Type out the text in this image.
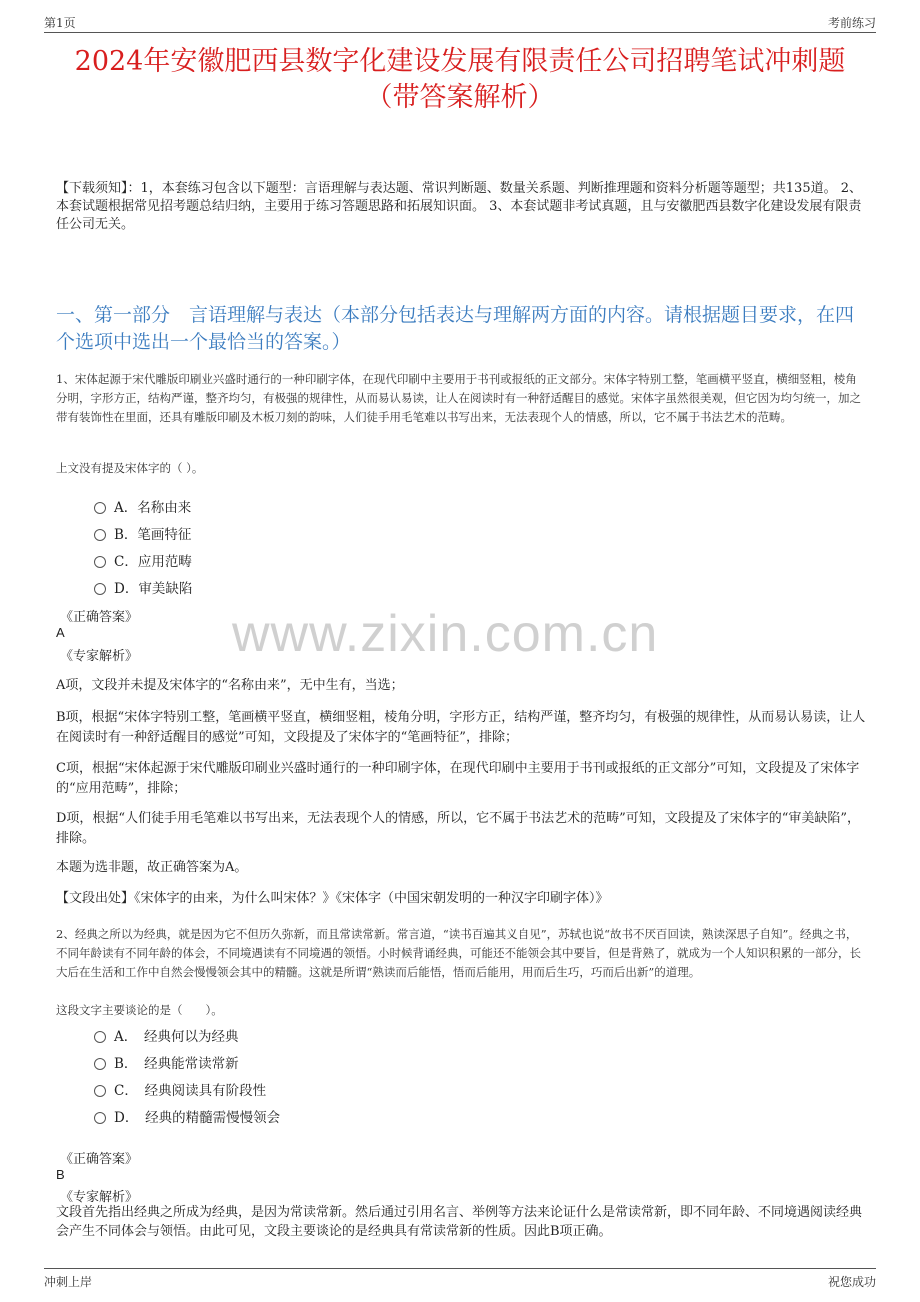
第1页	考前练习
2024年安徽肥西县数字化建设发展有限责任公司招聘笔试冲刺题（带答案解析）
【下载须知】：1，本套练习包含以下题型：言语理解与表达题、常识判断题、数量关系题、判断推理题和资料分析题等题型；共135道。 2、本套试题根据常见招考题总结归纳，主要用于练习答题思路和拓展知识面。 3、本套试题非考试真题，且与安徽肥西县数字化建设发展有限责任公司无关。
一、第一部分　言语理解与表达（本部分包括表达与理解两方面的内容。请根据题目要求，在四个选项中选出一个最恰当的答案。）
1、宋体起源于宋代雕版印刷业兴盛时通行的一种印刷字体，在现代印刷中主要用于书刊或报纸的正文部分。宋体字特别工整，笔画横平竖直，横细竖粗，棱角分明，字形方正，结构严谨，整齐均匀，有极强的规律性，从而易认易读，让人在阅读时有一种舒适醒目的感觉。宋体字虽然很美观，但它因为均匀统一，加之带有装饰性在里面，还具有雕版印刷及木板刀刻的韵味，人们徒手用毛笔难以书写出来，无法表现个人的情感，所以，它不属于书法艺术的范畴。
上文没有提及宋体字的（ ）。
A．名称由来
B．笔画特征
C．应用范畴
D．审美缺陷
《正确答案》
A
《专家解析》 www.zixin.com.cn
A项，文段并未提及宋体字的“名称由来”，无中生有，当选；
B项，根据“宋体字特别工整，笔画横平竖直，横细竖粗，棱角分明，字形方正，结构严谨，整齐均匀，有极强的规律性，从而易认易读，让人在阅读时有一种舒适醒目的感觉”可知，文段提及了宋体字的“笔画特征”，排除；
C项，根据“宋体起源于宋代雕版印刷业兴盛时通行的一种印刷字体，在现代印刷中主要用于书刊或报纸的正文部分”可知，文段提及了宋体字的“应用范畴”，排除；
D项，根据“人们徒手用毛笔难以书写出来，无法表现个人的情感，所以，它不属于书法艺术的范畴”可知，文段提及了宋体字的“审美缺陷”，排除。
本题为选非题，故正确答案为A。
【文段出处】《宋体字的由来，为什么叫宋体？》《宋体字（中国宋朝发明的一种汉字印刷字体）》
2、经典之所以为经典，就是因为它不但历久弥新，而且常读常新。常言道，“读书百遍其义自见”，苏轼也说“故书不厌百回读，熟读深思子自知”。经典之书，不同年龄读有不同年龄的体会，不同境遇读有不同境遇的领悟。小时候背诵经典，可能还不能领会其中要旨，但是背熟了，就成为一个人知识积累的一部分，长大后在生活和工作中自然会慢慢领会其中的精髓。这就是所谓“熟读而后能悟，悟而后能用，用而后生巧，巧而后出新”的道理。
这段文字主要谈论的是（　　）。
A．　经典何以为经典
B．　经典能常读常新
C．　经典阅读具有阶段性
D．　经典的精髓需慢慢领会
《正确答案》
B
《专家解析》
文段首先指出经典之所成为经典，是因为常读常新。然后通过引用名言、举例等方法来论证什么是常读常新，即不同年龄、不同境遇阅读经典会产生不同体会与领悟。由此可见，文段主要谈论的是经典具有常读常新的性质。因此B项正确。
冲刺上岸	祝您成功
